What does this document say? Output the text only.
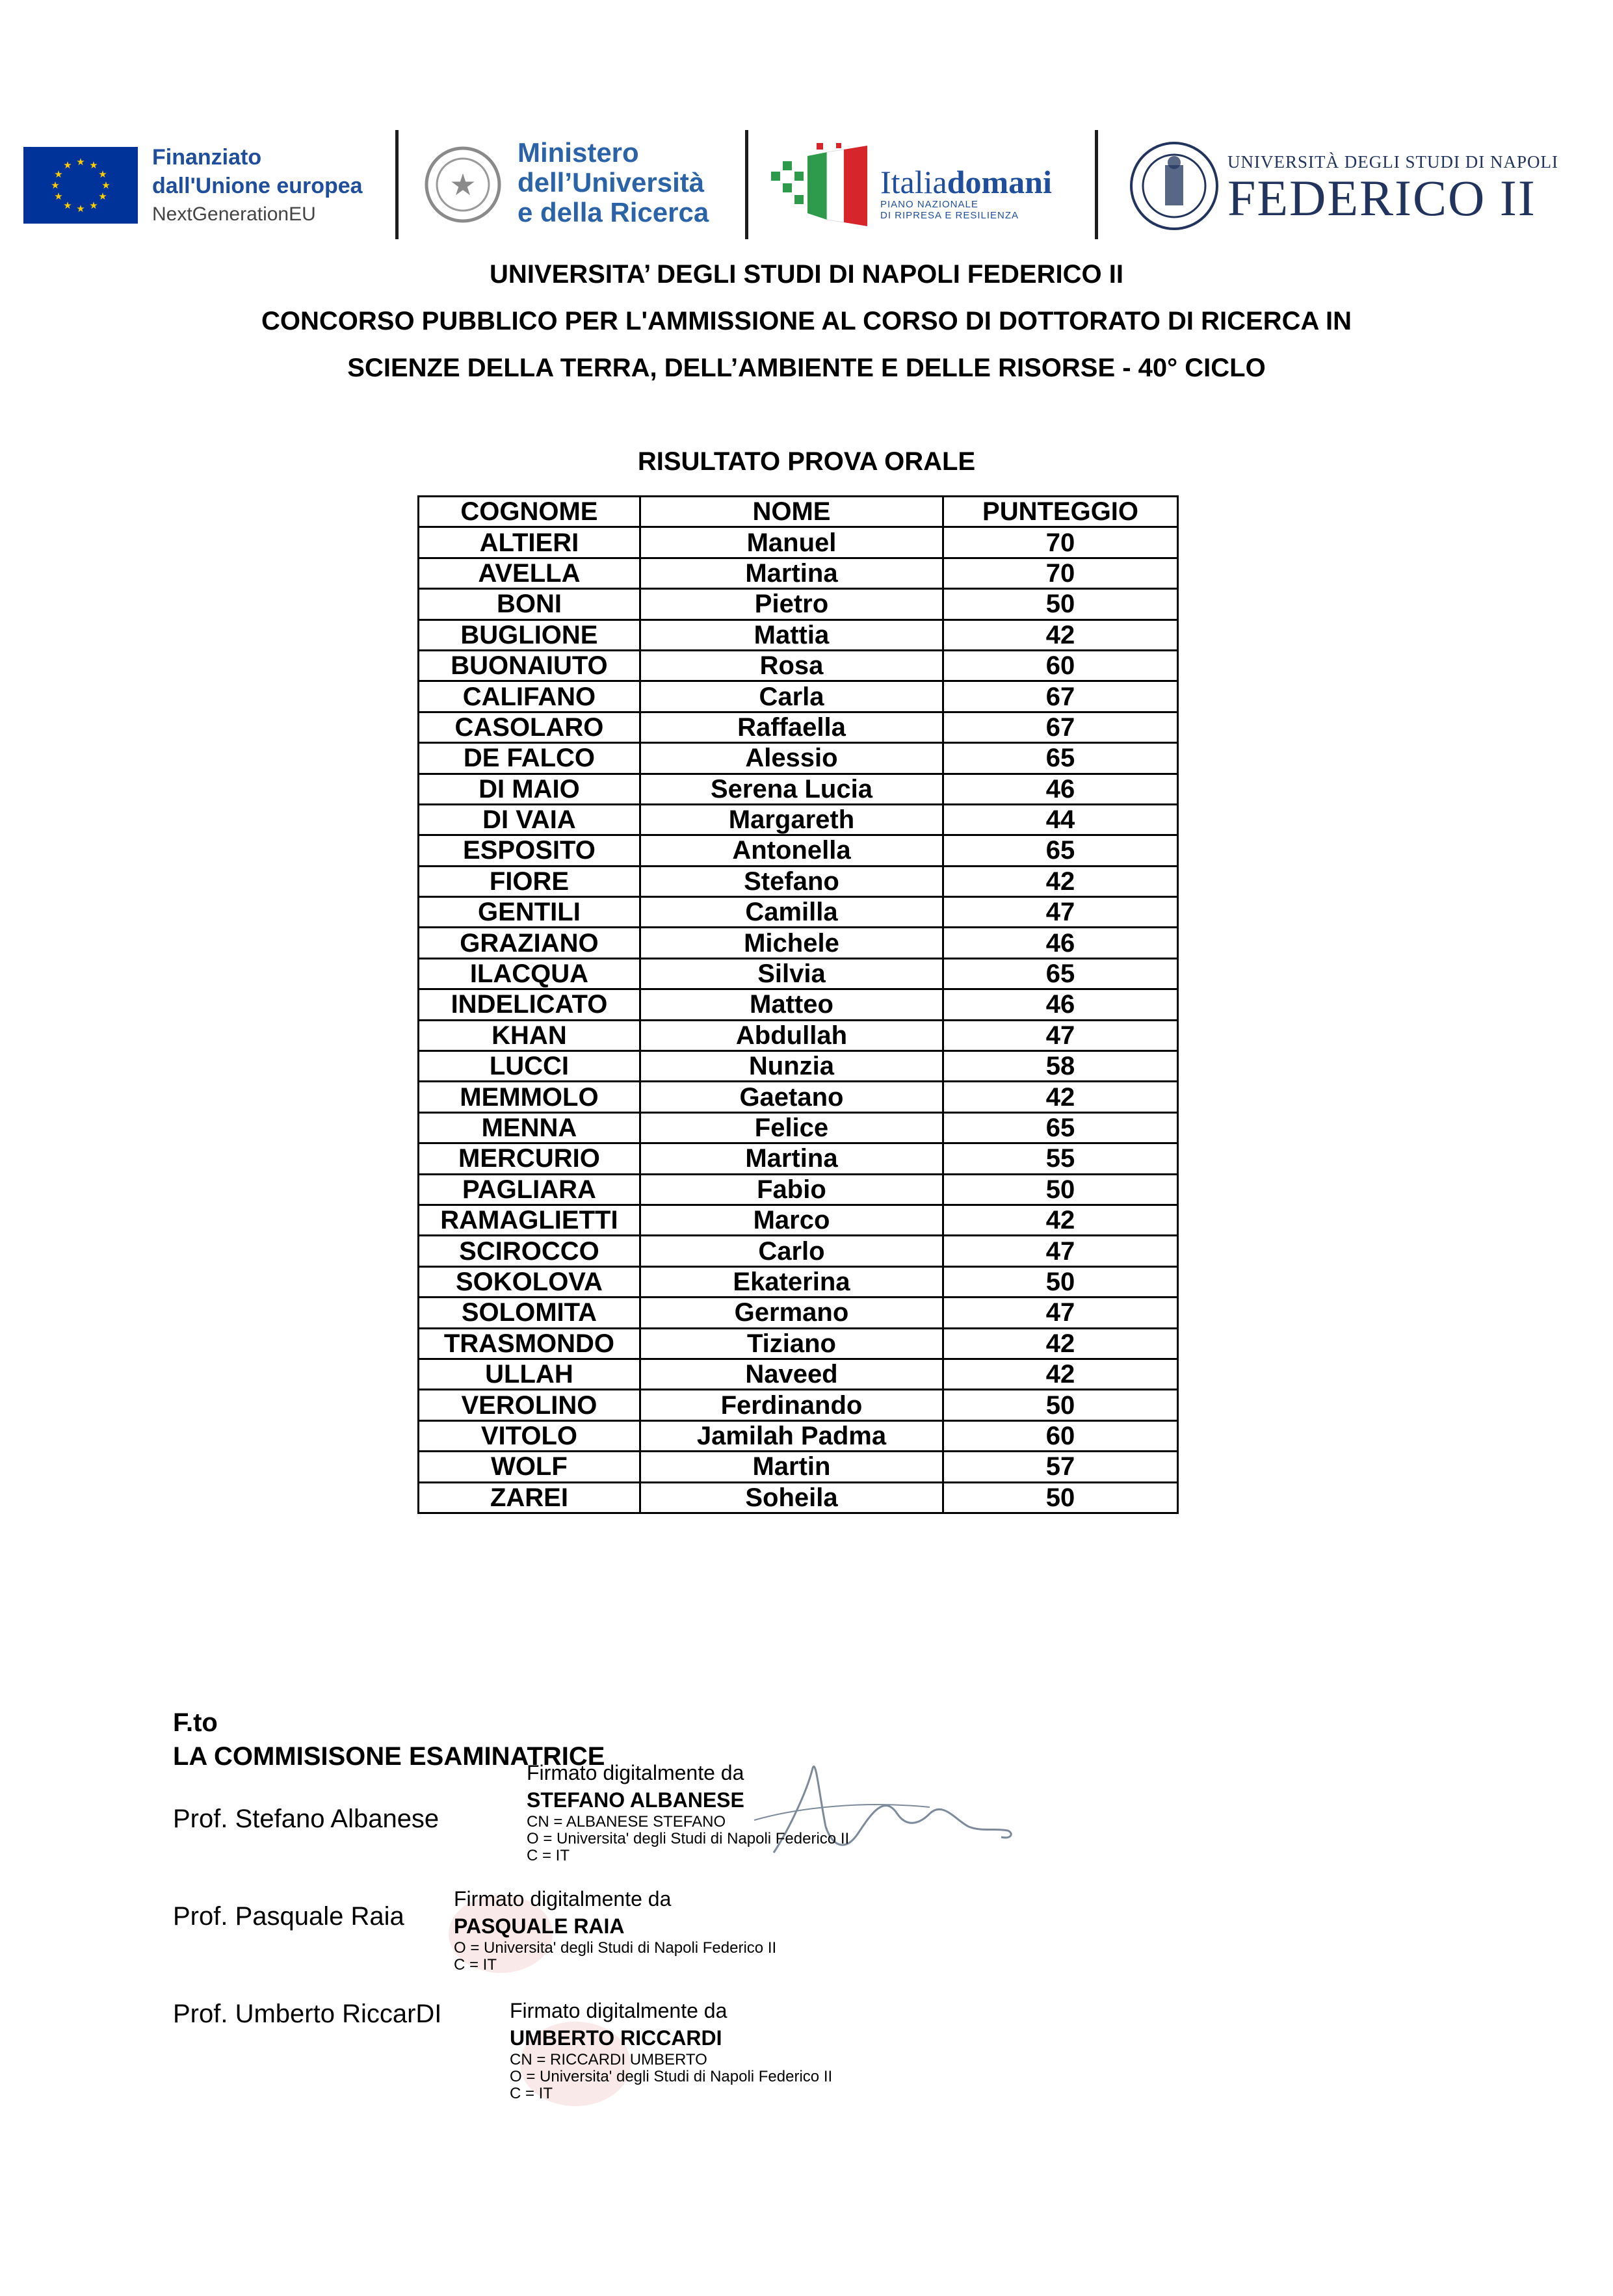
★ ★
★
★
★
★
★
★
★
★
★
★	Finanziato
dall'Unione europea
NextGenerationEU
★
Ministero
dell’Università
e della Ricerca
Italiadomani
PIANO NAZIONALE
DI RIPRESA E RESILIENZA
UNIVERSITÀ DEGLI STUDI DI NAPOLI
FEDERICO II
UNIVERSITA’ DEGLI STUDI DI NAPOLI FEDERICO II
CONCORSO PUBBLICO PER L'AMMISSIONE AL CORSO DI DOTTORATO DI RICERCA IN
SCIENZE DELLA TERRA, DELL’AMBIENTE E DELLE RISORSE - 40° CICLO
RISULTATO PROVA ORALE
COGNOME	NOME	PUNTEGGIO
ALTIERI	Manuel	70
AVELLA	Martina	70
BONI	Pietro	50
BUGLIONE	Mattia	42
BUONAIUTO	Rosa	60
CALIFANO	Carla	67
CASOLARO	Raffaella	67
DE FALCO	Alessio	65
DI MAIO	Serena Lucia	46
DI VAIA	Margareth	44
ESPOSITO	Antonella	65
FIORE	Stefano	42
GENTILI	Camilla	47
GRAZIANO	Michele	46
ILACQUA	Silvia	65
INDELICATO	Matteo	46
KHAN	Abdullah	47
LUCCI	Nunzia	58
MEMMOLO	Gaetano	42
MENNA	Felice	65
MERCURIO	Martina	55
PAGLIARA	Fabio	50
RAMAGLIETTI	Marco	42
SCIROCCO	Carlo	47
SOKOLOVA	Ekaterina	50
SOLOMITA	Germano	47
TRASMONDO	Tiziano	42
ULLAH	Naveed	42
VEROLINO	Ferdinando	50
VITOLO	Jamilah Padma	60
WOLF	Martin	57
ZAREI	Soheila	50
F.to
LA COMMISISONE ESAMINATRICE
Prof. Stefano Albanese
Firmato digitalmente da
STEFANO ALBANESE
CN = ALBANESE STEFANO
O = Universita' degli Studi di Napoli Federico II
C = IT
Prof. Pasquale Raia
Firmato digitalmente da
PASQUALE RAIA
O = Universita' degli Studi di Napoli Federico II
C = IT
Prof. Umberto RiccarDI	Firmato digitalmente da
UMBERTO RICCARDI
CN = RICCARDI UMBERTO
O = Universita' degli Studi di Napoli Federico II
C = IT
